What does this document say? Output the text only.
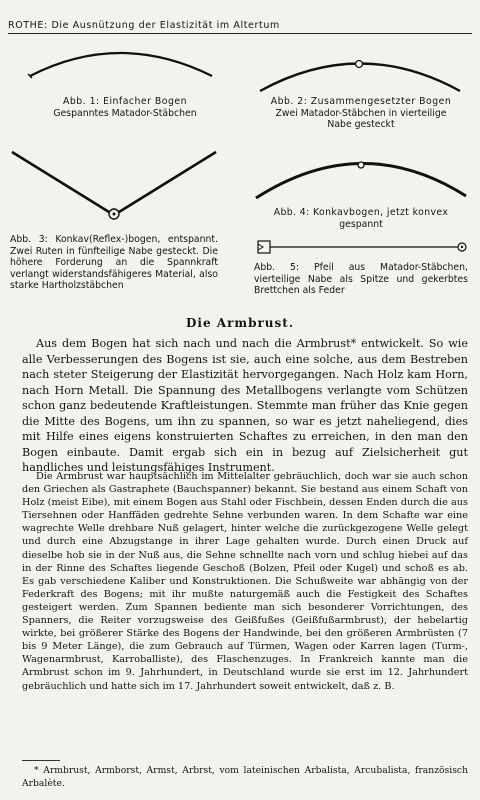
ROTHE: Die Ausnützung der Elastizität im Altertum
Abb. 1: Einfacher Bogen
Gespanntes Matador-Stäbchen
Abb. 2: Zusammengesetzter Bogen
Zwei Matador-Stäbchen in vierteilige
Nabe gesteckt
Abb. 3: Konkav(Reflex-)bogen, entspannt. Zwei Ruten in fünfteilige Nabe gesteckt. Die höhere Forderung an die Spannkraft verlangt widerstandsfähigeres Material, also starke Hartholzstäbchen
Abb. 4: Konkavbogen, jetzt konvex
gespannt
Abb. 5: Pfeil aus Matador-Stäbchen, vierteilige Nabe als Spitze und gekerbtes Brettchen als Feder
Die Armbrust.
Aus dem Bogen hat sich nach und nach die Armbrust* entwickelt. So wie alle Verbesserungen des Bogens ist sie, auch eine solche, aus dem Bestreben nach steter Steigerung der Elastizität hervorgegangen. Nach Holz kam Horn, nach Horn Metall. Die Spannung des Metallbogens verlangte vom Schützen schon ganz bedeutende Kraftleistungen. Stemmte man früher das Knie gegen die Mitte des Bogens, um ihn zu spannen, so war es jetzt naheliegend, dies mit Hilfe eines eigens konstruierten Schaftes zu erreichen, in den man den Bogen einbaute. Damit ergab sich ein in bezug auf Zielsicherheit gut handliches und leistungsfähiges Instrument.
Die Armbrust war hauptsächlich im Mittelalter gebräuchlich, doch war sie auch schon den Griechen als Gastraphete (Bauchspanner) bekannt. Sie bestand aus einem Schaft von Holz (meist Eibe), mit einem Bogen aus Stahl oder Fischbein, dessen Enden durch die aus Tiersehnen oder Hanffäden gedrehte Sehne verbunden waren. In dem Schafte war eine wagrechte Welle drehbare Nuß gelagert, hinter welche die zurückgezogene Welle gelegt und durch eine Abzugstange in ihrer Lage gehalten wurde. Durch einen Druck auf dieselbe hob sie in der Nuß aus, die Sehne schnellte nach vorn und schlug hiebei auf das in der Rinne des Schaftes liegende Geschoß (Bolzen, Pfeil oder Kugel) und schoß es ab. Es gab verschiedene Kaliber und Konstruktionen. Die Schußweite war abhängig von der Federkraft des Bogens; mit ihr mußte naturgemäß auch die Festigkeit des Schaftes gesteigert werden. Zum Spannen bediente man sich besonderer Vorrichtungen, des Spanners, die Reiter vorzugsweise des Geißfußes (Geißfußarmbrust), der hebelartig wirkte, bei größerer Stärke des Bogens der Handwinde, bei den größeren Armbrüsten (7 bis 9 Meter Länge), die zum Gebrauch auf Türmen, Wagen oder Karren lagen (Turm-, Wagenarmbrust, Karroballiste), des Flaschenzuges. In Frankreich kannte man die Armbrust schon im 9. Jahrhundert, in Deutschland wurde sie erst im 12. Jahrhundert gebräuchlich und hatte sich im 17. Jahrhundert soweit entwickelt, daß z. B.
* Armbrust, Armborst, Armst, Arbrst, vom lateinischen Arbalista, Arcubalista, französisch Arbalète.
